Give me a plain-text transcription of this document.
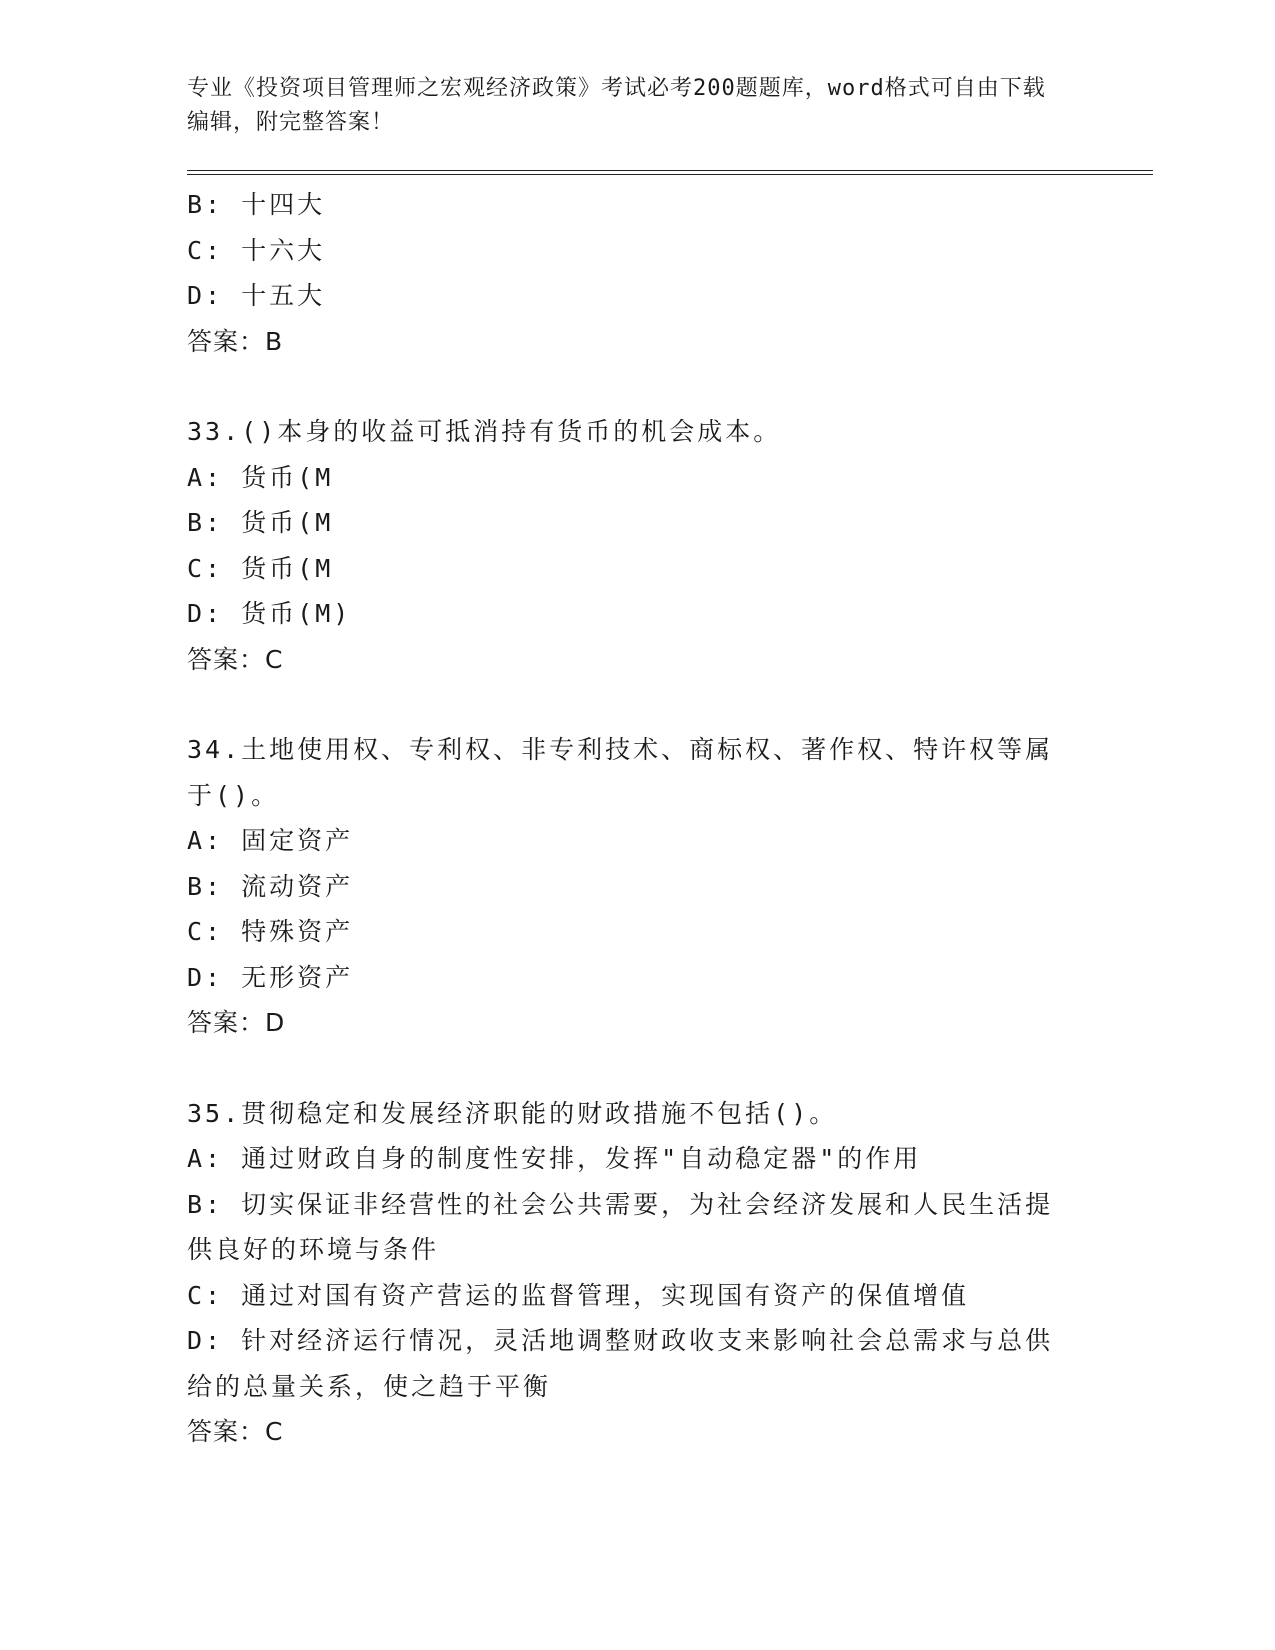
专业《投资项目管理师之宏观经济政策》考试必考200题题库，word格式可自由下载编辑，附完整答案！

B: 十四大

C: 十六大

D: 十五大

答案：B

33.()本身的收益可抵消持有货币的机会成本。

A: 货币(M

B: 货币(M

C: 货币(M

D: 货币(M)

答案：C

34.土地使用权、专利权、非专利技术、商标权、著作权、特许权等属于()。

A: 固定资产

B: 流动资产

C: 特殊资产

D: 无形资产

答案：D

35.贯彻稳定和发展经济职能的财政措施不包括()。

A: 通过财政自身的制度性安排，发挥"自动稳定器"的作用

B: 切实保证非经营性的社会公共需要，为社会经济发展和人民生活提供良好的环境与条件

C: 通过对国有资产营运的监督管理，实现国有资产的保值增值

D: 针对经济运行情况，灵活地调整财政收支来影响社会总需求与总供给的总量关系，使之趋于平衡

答案：C
